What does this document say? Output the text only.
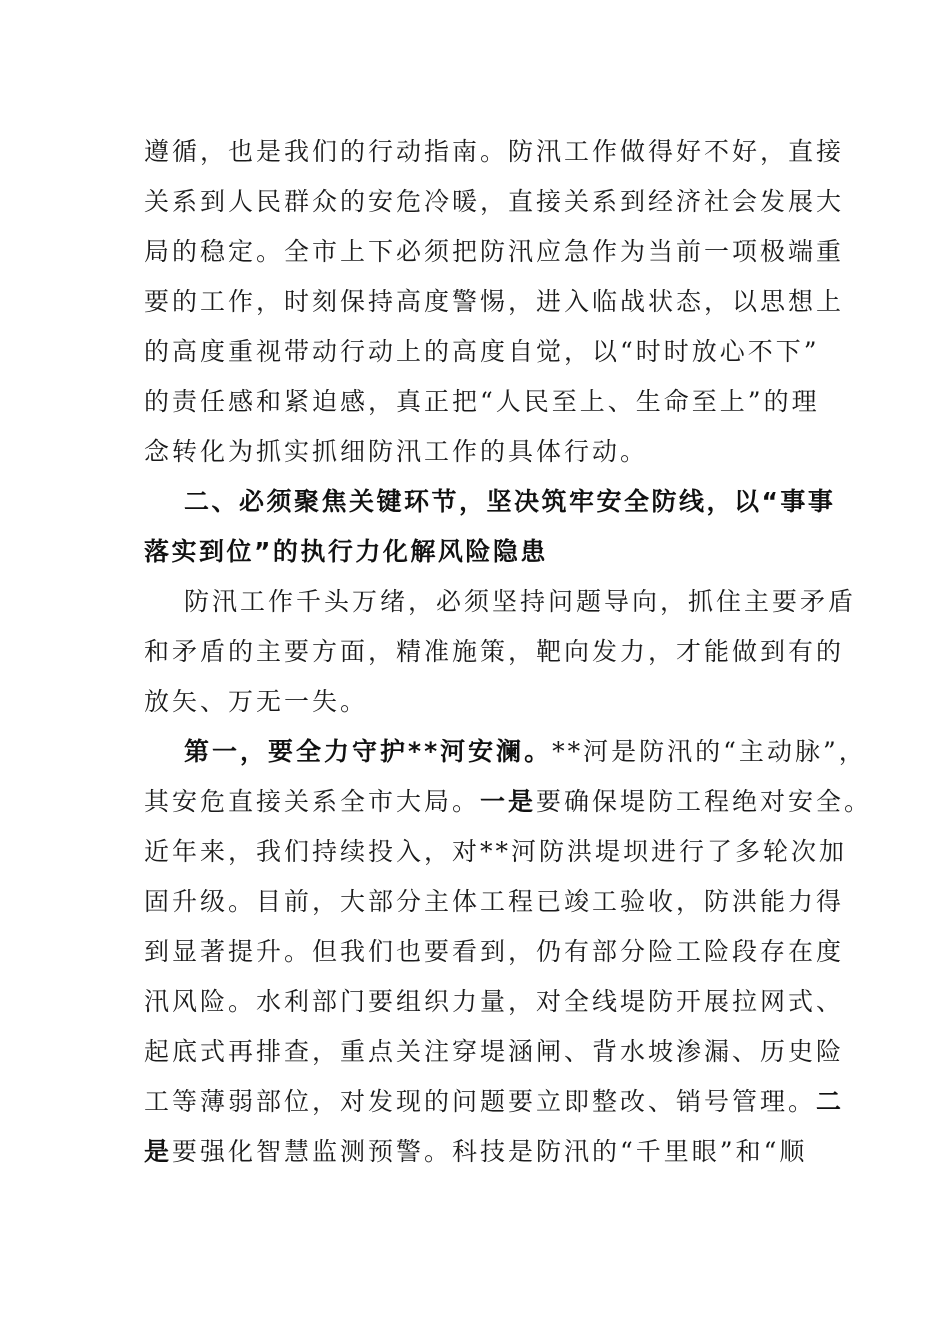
遵循，也是我们的行动指南。防汛工作做得好不好，直接
关系到人民群众的安危冷暖，直接关系到经济社会发展大
局的稳定。全市上下必须把防汛应急作为当前一项极端重
要的工作，时刻保持高度警惕，进入临战状态，以思想上
的高度重视带动行动上的高度自觉，以“时时放心不下”
的责任感和紧迫感，真正把“人民至上、生命至上”的理
念转化为抓实抓细防汛工作的具体行动。
二、必须聚焦关键环节，坚决筑牢安全防线，以“事事
落实到位”的执行力化解风险隐患
防汛工作千头万绪，必须坚持问题导向，抓住主要矛盾
和矛盾的主要方面，精准施策，靶向发力，才能做到有的
放矢、万无一失。
第一，要全力守护**河安澜。**河是防汛的“主动脉”，
其安危直接关系全市大局。一是要确保堤防工程绝对安全。
近年来，我们持续投入，对**河防洪堤坝进行了多轮次加
固升级。目前，大部分主体工程已竣工验收，防洪能力得
到显著提升。但我们也要看到，仍有部分险工险段存在度
汛风险。水利部门要组织力量，对全线堤防开展拉网式、
起底式再排查，重点关注穿堤涵闸、背水坡渗漏、历史险
工等薄弱部位，对发现的问题要立即整改、销号管理。二
是要强化智慧监测预警。科技是防汛的“千里眼”和“顺
